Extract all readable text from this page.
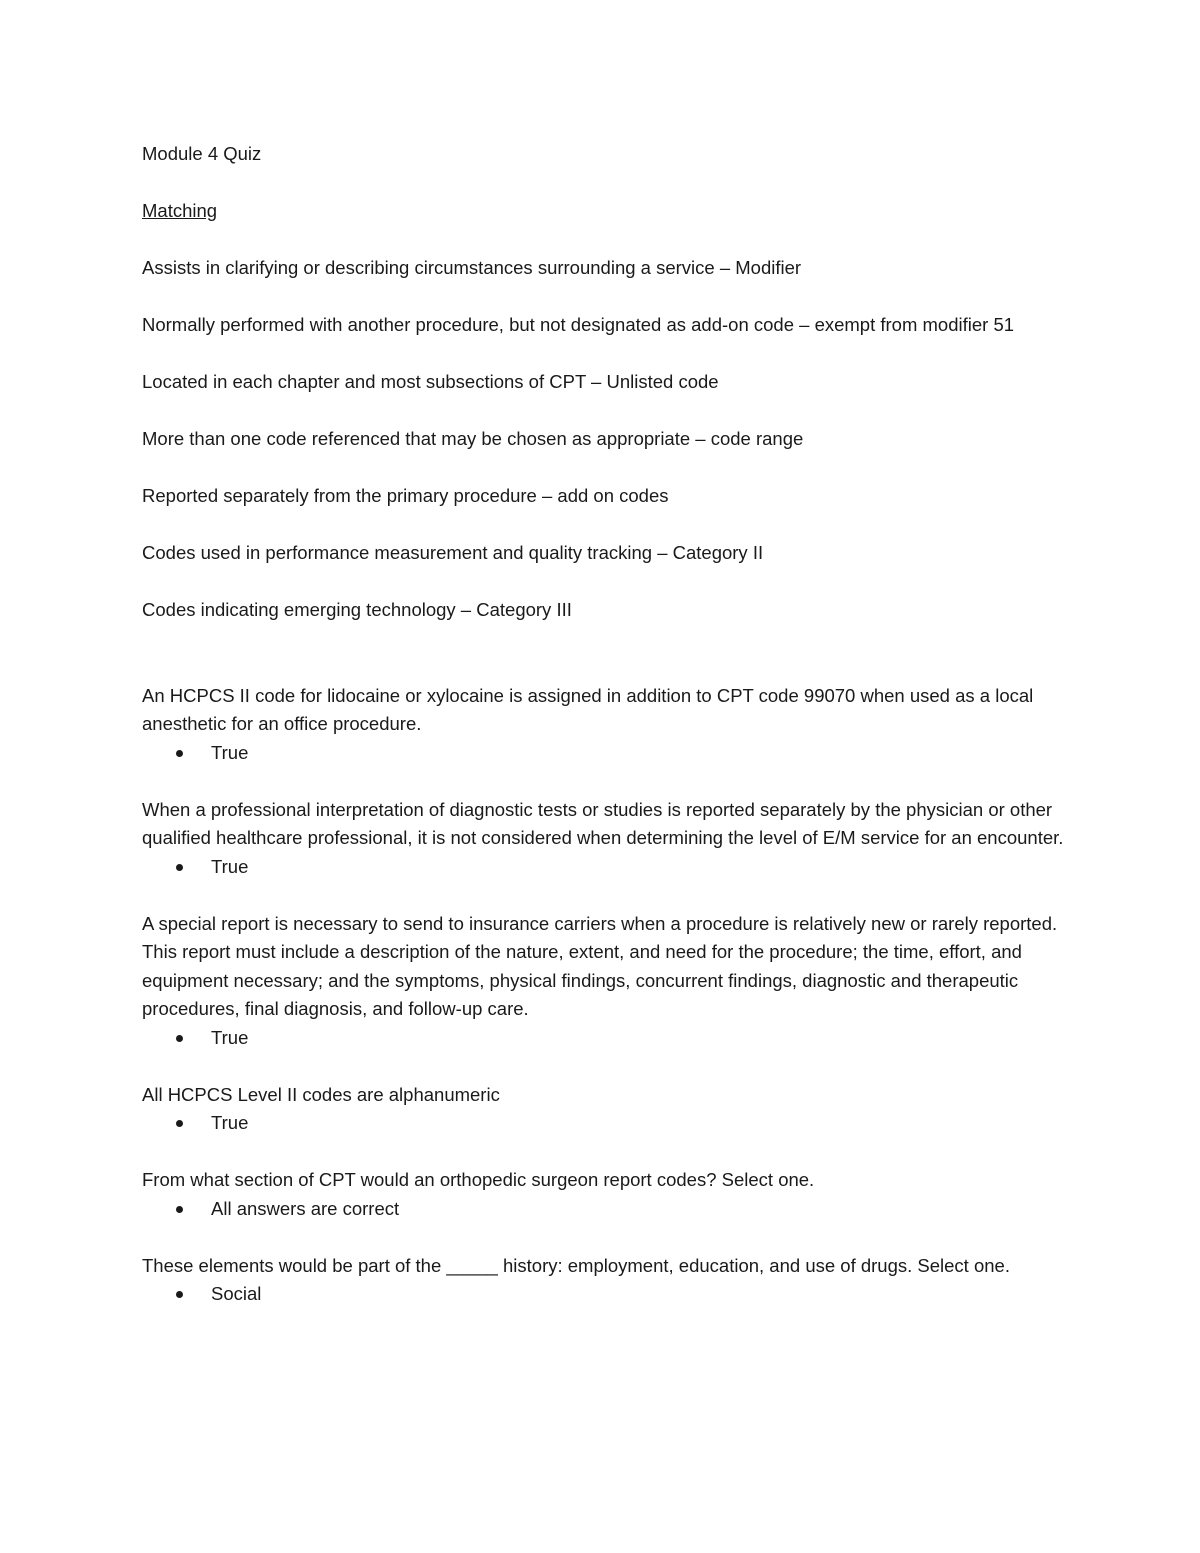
Module 4 Quiz

Matching

Assists in clarifying or describing circumstances surrounding a service – Modifier

Normally performed with another procedure, but not designated as add-on code – exempt from modifier 51

Located in each chapter and most subsections of CPT – Unlisted code

More than one code referenced that may be chosen as appropriate – code range

Reported separately from the primary procedure – add on codes

Codes used in performance measurement and quality tracking – Category II

Codes indicating emerging technology – Category III

An HCPCS II code for lidocaine or xylocaine is assigned in addition to CPT code 99070 when used as a local anesthetic for an office procedure.

True

When a professional interpretation of diagnostic tests or studies is reported separately by the physician or other qualified healthcare professional, it is not considered when determining the level of E/M service for an encounter.

True

A special report is necessary to send to insurance carriers when a procedure is relatively new or rarely reported. This report must include a description of the nature, extent, and need for the procedure; the time, effort, and equipment necessary; and the symptoms, physical findings, concurrent findings, diagnostic and therapeutic procedures, final diagnosis, and follow-up care.

True

All HCPCS Level II codes are alphanumeric

True

From what section of CPT would an orthopedic surgeon report codes? Select one.

All answers are correct

These elements would be part of the _____ history: employment, education, and use of drugs. Select one.

Social
